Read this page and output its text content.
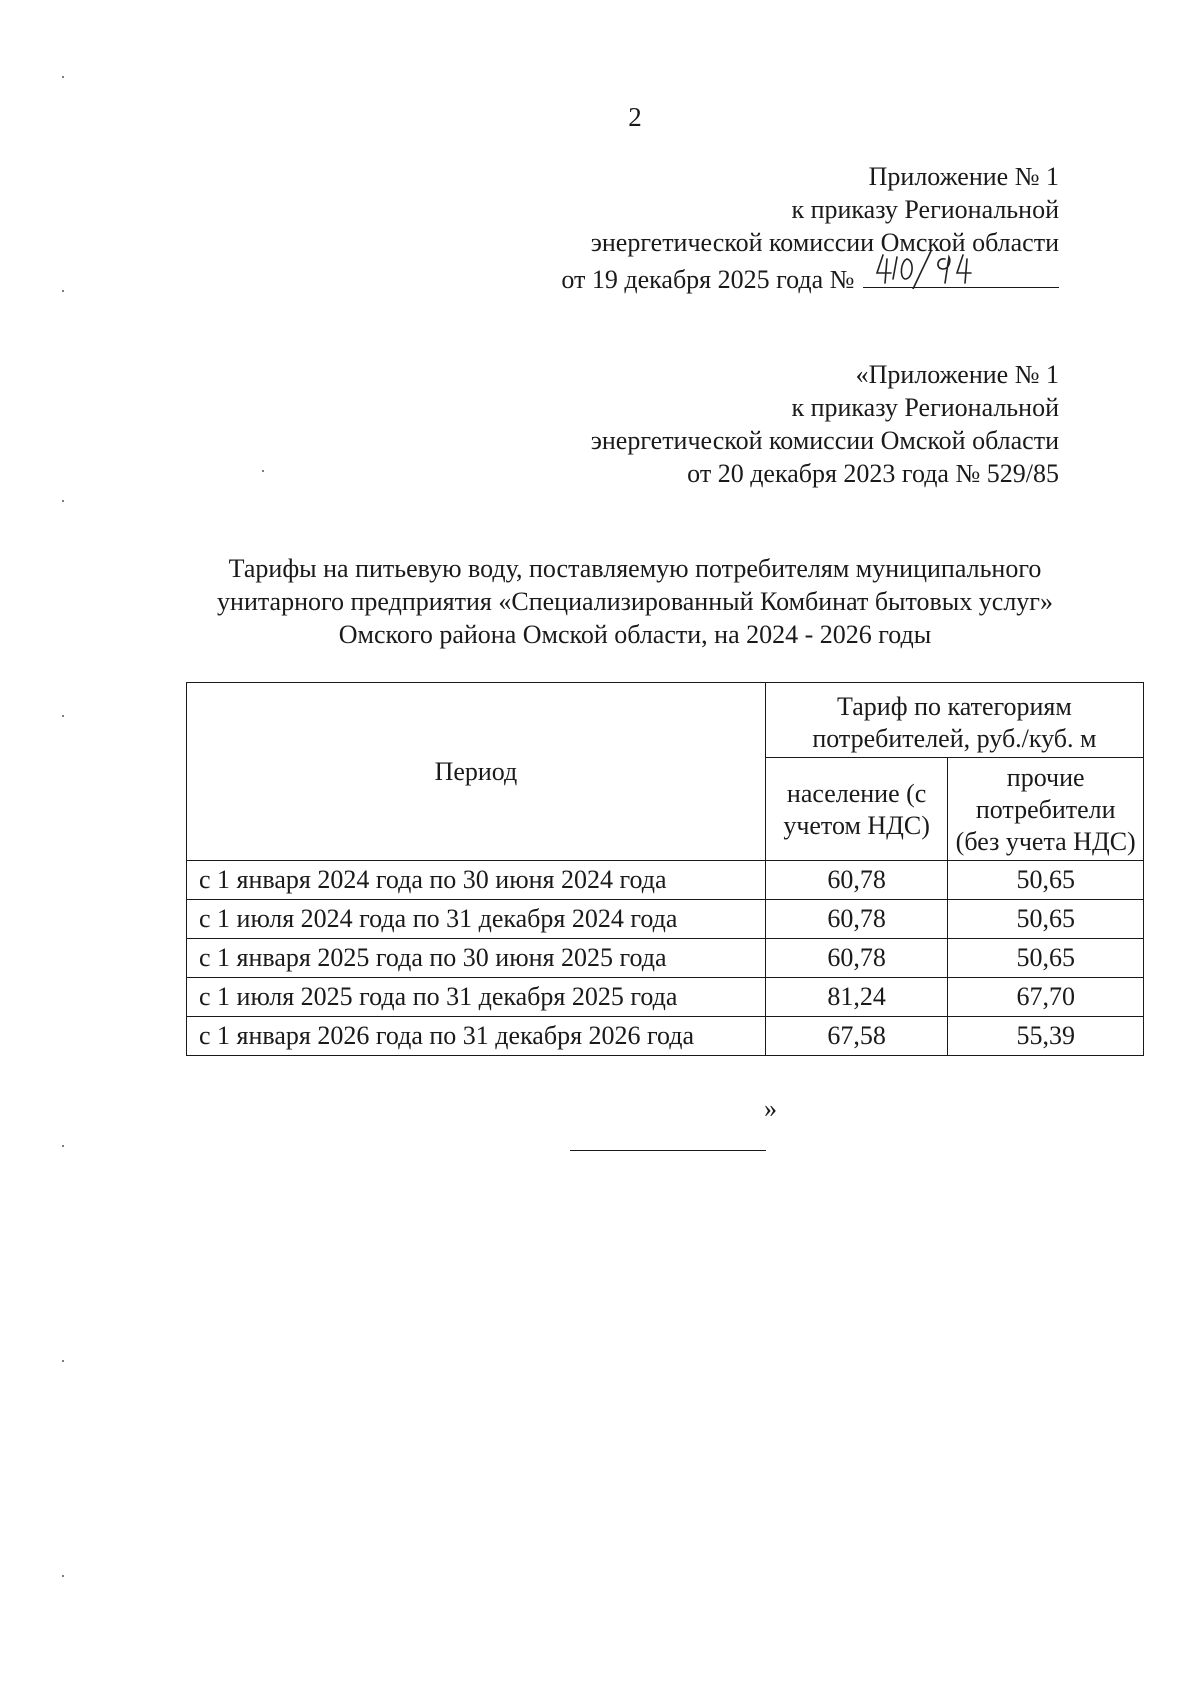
2
Приложение № 1
к приказу Региональной
энергетической комиссии Омской области
от 19 декабря 2025 года №
«Приложение № 1
к приказу Региональной
энергетической комиссии Омской области
от 20 декабря 2023 года № 529/85
Тарифы на питьевую воду, поставляемую потребителям муниципального
унитарного предприятия «Специализированный Комбинат бытовых услуг»
Омского района Омской области, на 2024 - 2026 годы
Период	Тариф по категориям потребителей, руб./куб. м	
	население (с учетом НДС)	прочие потребители (без учета НДС)
с 1 января 2024 года по 30 июня 2024 года	60,78	50,65
с 1 июля 2024 года по 31 декабря 2024 года	60,78	50,65
с 1 января 2025 года по 30 июня 2025 года	60,78	50,65
с 1 июля 2025 года по 31 декабря 2025 года	81,24	67,70
с 1 января 2026 года по 31 декабря 2026 года	67,58	55,39
»
